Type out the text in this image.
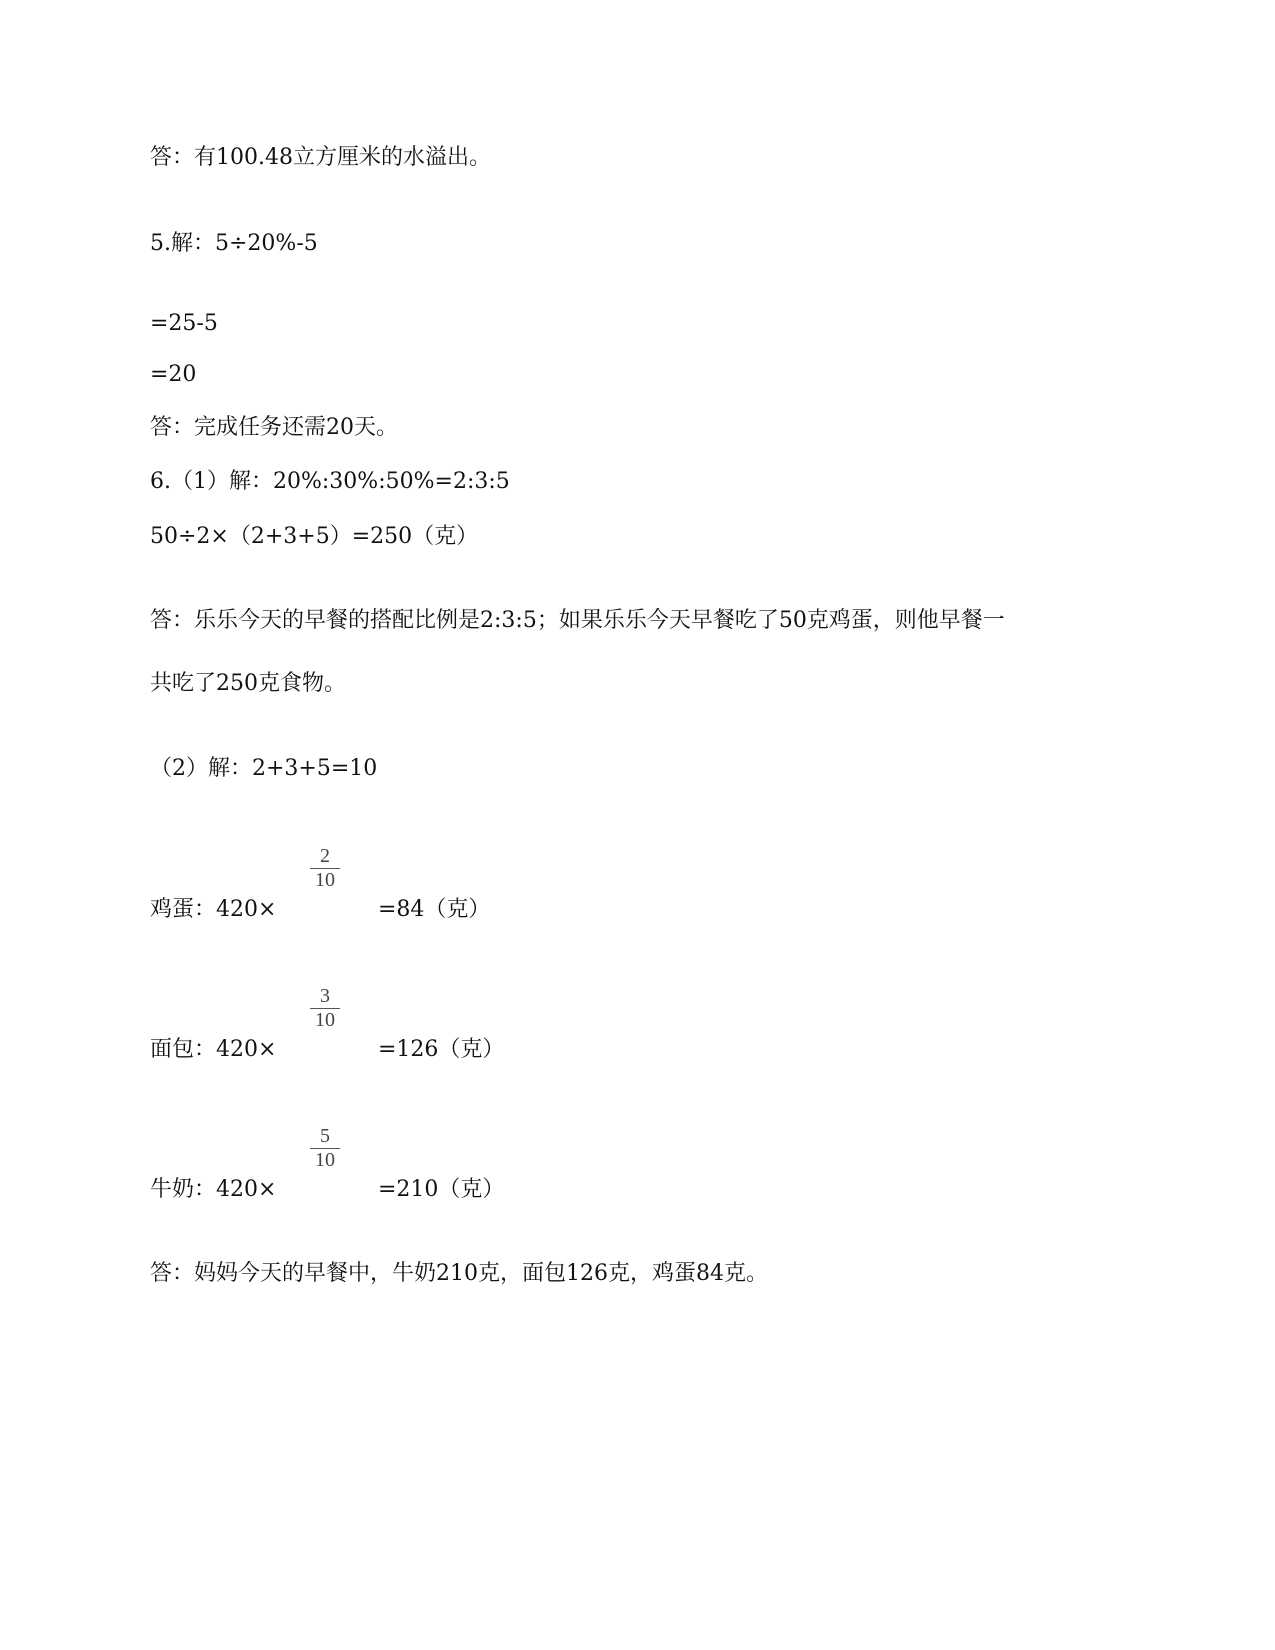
答：有100.48立方厘米的水溢出。
5.解：5÷20%-5
=25-5
=20
答：完成任务还需20天。
6.（1）解：20%:30%:50%=2:3:5
50÷2×（2+3+5）=250（克）
答：乐乐今天的早餐的搭配比例是2:3:5；如果乐乐今天早餐吃了50克鸡蛋，则他早餐一
共吃了250克食物。
（2）解：2+3+5=10
鸡蛋：420×
$\frac{2}{10}$
=84（克）
面包：420×
$\frac{3}{10}$
=126（克）
牛奶：420×
$\frac{5}{10}$
=210（克）
答：妈妈今天的早餐中，牛奶210克，面包126克，鸡蛋84克。
